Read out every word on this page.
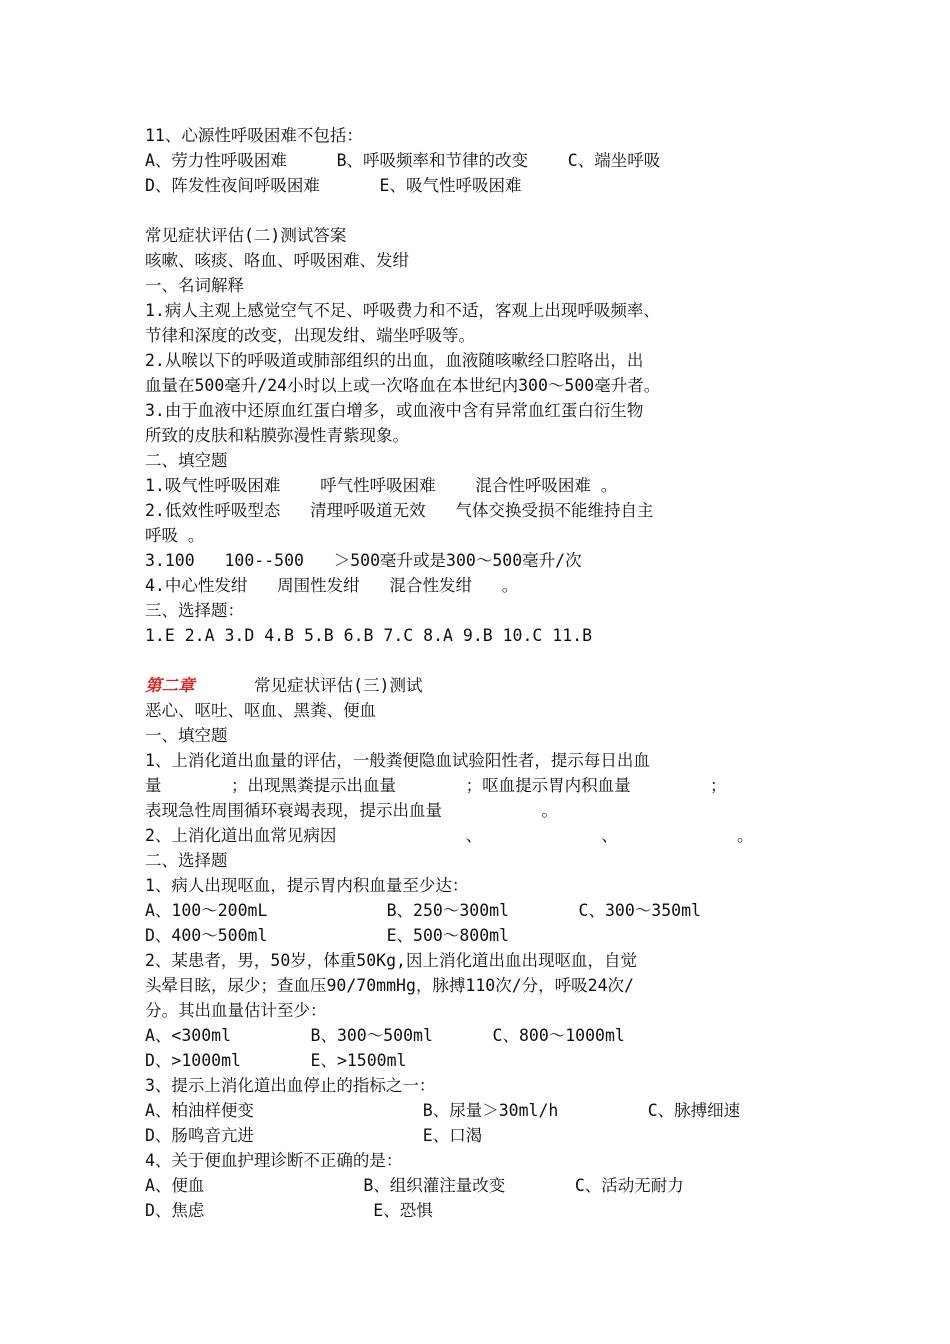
11、心源性呼吸困难不包括：

A、劳力性呼吸困难     B、呼吸频率和节律的改变    C、端坐呼吸

D、阵发性夜间呼吸困难      E、吸气性呼吸困难

常见症状评估(二)测试答案

咳嗽、咳痰、咯血、呼吸困难、发绀

一、名词解释

1.病人主观上感觉空气不足、呼吸费力和不适，客观上出现呼吸频率、

节律和深度的改变，出现发绀、端坐呼吸等。

2.从喉以下的呼吸道或肺部组织的出血，血液随咳嗽经口腔咯出，出

血量在500毫升/24小时以上或一次咯血在本世纪内300～500毫升者。

3.由于血液中还原血红蛋白增多，或血液中含有异常血红蛋白衍生物

所致的皮肤和粘膜弥漫性青紫现象。

二、填空题

1.吸气性呼吸困难    呼气性呼吸困难    混合性呼吸困难 。

2.低效性呼吸型态   清理呼吸道无效   气体交换受损不能维持自主

呼吸 。

3.100   100--500   ＞500毫升或是300～500毫升/次

4.中心性发绀   周围性发绀   混合性发绀   。

三、选择题：

1.E 2.A 3.D 4.B 5.B 6.B 7.C 8.A 9.B 10.C 11.B

第二章	常见症状评估(三)测试

恶心、呕吐、呕血、黑粪、便血

一、填空题

1、上消化道出血量的评估，一般粪便隐血试验阳性者，提示每日出血

量       ；出现黑粪提示出血量       ；呕血提示胃内积血量        ；

表现急性周围循环衰竭表现，提示出血量          。

2、上消化道出血常见病因             、            、            。

二、选择题

1、病人出现呕血，提示胃内积血量至少达：

A、100～200mL            B、250～300ml       C、300～350ml

D、400～500ml            E、500～800ml

2、某患者，男，50岁，体重50Kg,因上消化道出血出现呕血，自觉

头晕目眩，尿少；查血压90/70mmHg，脉搏110次/分，呼吸24次/

分。其出血量估计至少：

A、<300ml        B、300～500ml      C、800～1000ml

D、>1000ml       E、>1500ml

3、提示上消化道出血停止的指标之一：

A、柏油样便变                 B、尿量＞30ml/h         C、脉搏细速

D、肠鸣音亢进                 E、口渴

4、关于便血护理诊断不正确的是：

A、便血                B、组织灌注量改变       C、活动无耐力

D、焦虑                 E、恐惧
